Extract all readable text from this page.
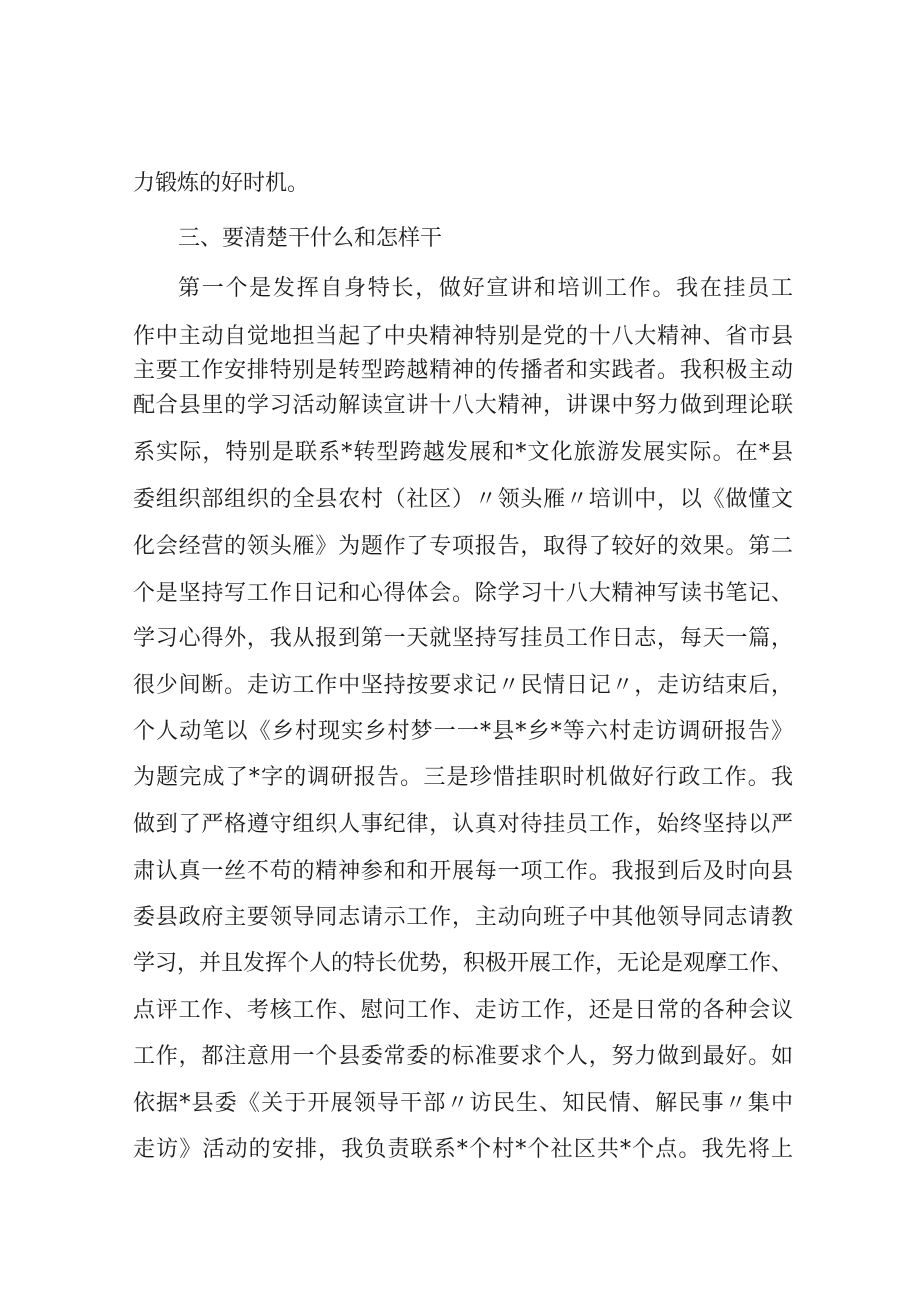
力锻炼的好时机。
三、要清楚干什么和怎样干
第一个是发挥自身特长，做好宣讲和培训工作。我在挂员工
作中主动自觉地担当起了中央精神特别是党的十八大精神、省市县
主要工作安排特别是转型跨越精神的传播者和实践者。我积极主动
配合县里的学习活动解读宣讲十八大精神，讲课中努力做到理论联
系实际，特别是联系*转型跨越发展和*文化旅游发展实际。在*县
委组织部组织的全县农村（社区）〃领头雁〃培训中，以《做懂文
化会经营的领头雁》为题作了专项报告，取得了较好的效果。第二
个是坚持写工作日记和心得体会。除学习十八大精神写读书笔记、
学习心得外，我从报到第一天就坚持写挂员工作日志，每天一篇，
很少间断。走访工作中坚持按要求记〃民情日记〃，走访结束后，
个人动笔以《乡村现实乡村梦一一*县*乡*等六村走访调研报告》
为题完成了*字的调研报告。三是珍惜挂职时机做好行政工作。我
做到了严格遵守组织人事纪律，认真对待挂员工作，始终坚持以严
肃认真一丝不苟的精神参和和开展每一项工作。我报到后及时向县
委县政府主要领导同志请示工作，主动向班子中其他领导同志请教
学习，并且发挥个人的特长优势，积极开展工作，无论是观摩工作、
点评工作、考核工作、慰问工作、走访工作，还是日常的各种会议
工作，都注意用一个县委常委的标准要求个人，努力做到最好。如
依据*县委《关于开展领导干部〃访民生、知民情、解民事〃集中
走访》活动的安排，我负责联系*个村*个社区共*个点。我先将上
